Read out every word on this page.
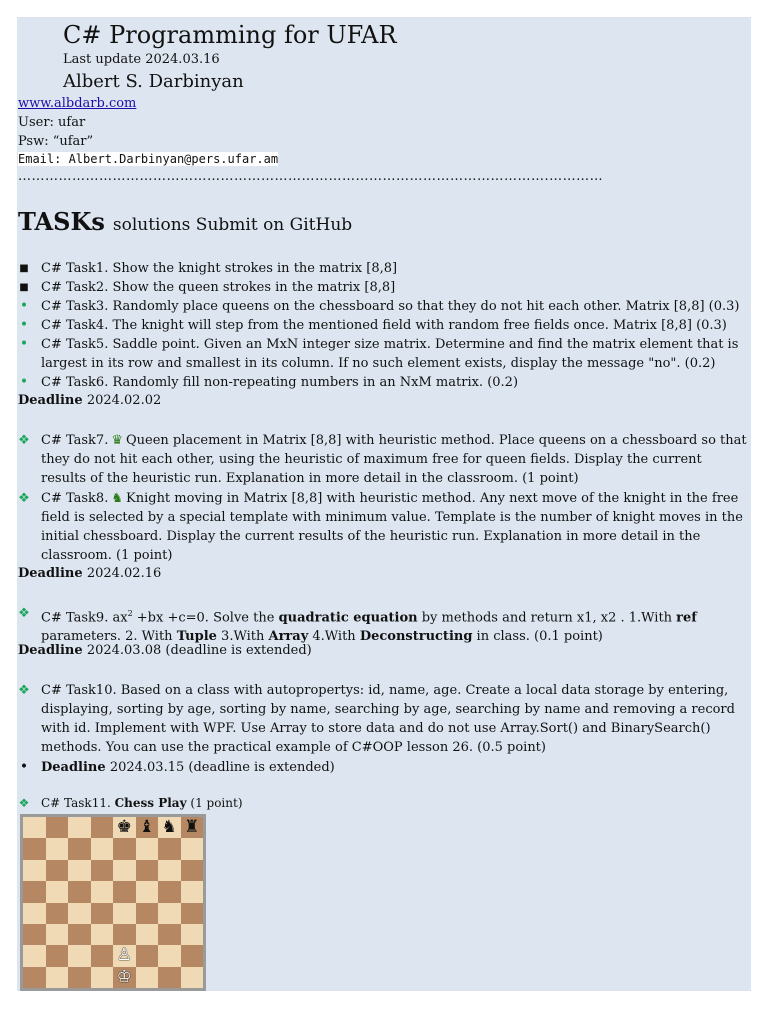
C# Programming for UFAR
Last update 2024.03.16
Albert S. Darbinyan
www.albdarb.com
User: ufar
Psw: “ufar”
Email: Albert.Darbinyan@pers.ufar.am
……………………………………………………………………………………………………….…………
TASKs solutions Submit on GitHub
■ C# Task1. Show the knight strokes in the matrix [8,8]
■ C# Task2. Show the queen strokes in the matrix [8,8]
• C# Task3. Randomly place queens on the chessboard so that they do not hit each other. Matrix [8,8] (0.3)
• C# Task4. The knight will step from the mentioned field with random free fields once. Matrix [8,8] (0.3)
• C# Task5. Saddle point. Given an MxN integer size matrix. Determine and find the matrix element that is largest in its row and smallest in its column. If no such element exists, display the message "no". (0.2)
• C# Task6. Randomly fill non-repeating numbers in an NxM matrix. (0.2)
Deadline 2024.02.02
❖ C# Task7. ♛ Queen placement in Matrix [8,8] with heuristic method. Place queens on a chessboard so that they do not hit each other, using the heuristic of maximum free for queen fields. Display the current results of the heuristic run. Explanation in more detail in the classroom. (1 point)
❖ C# Task8. ♞ Knight moving in Matrix [8,8] with heuristic method. Any next move of the knight in the free field is selected by a special template with minimum value. Template is the number of knight moves in the initial chessboard. Display the current results of the heuristic run. Explanation in more detail in the classroom. (1 point)
Deadline 2024.02.16
❖ C# Task9. $ax^2 +bx +c=0$. Solve the quadratic equation by methods and return x1, x2 . 1.With ref parameters. 2. With Tuple 3.With Array 4.With Deconstructing in class. (0.1 point)
Deadline 2024.03.08 (deadline is extended)
❖ C# Task10. Based on a class with autopropertys: id, name, age. Create a local data storage by entering, displaying, sorting by age, sorting by name, searching by age, searching by name and removing a record with id. Implement with WPF. Use Array to store data and do not use Array.Sort() and BinarySearch() methods. You can use the practical example of C#OOP lesson 26. (0.5 point)
• Deadline 2024.03.15 (deadline is extended)
❖ C# Task11. Chess Play (1 point)
♚ ♝ ♞ ♜
♙
♔
